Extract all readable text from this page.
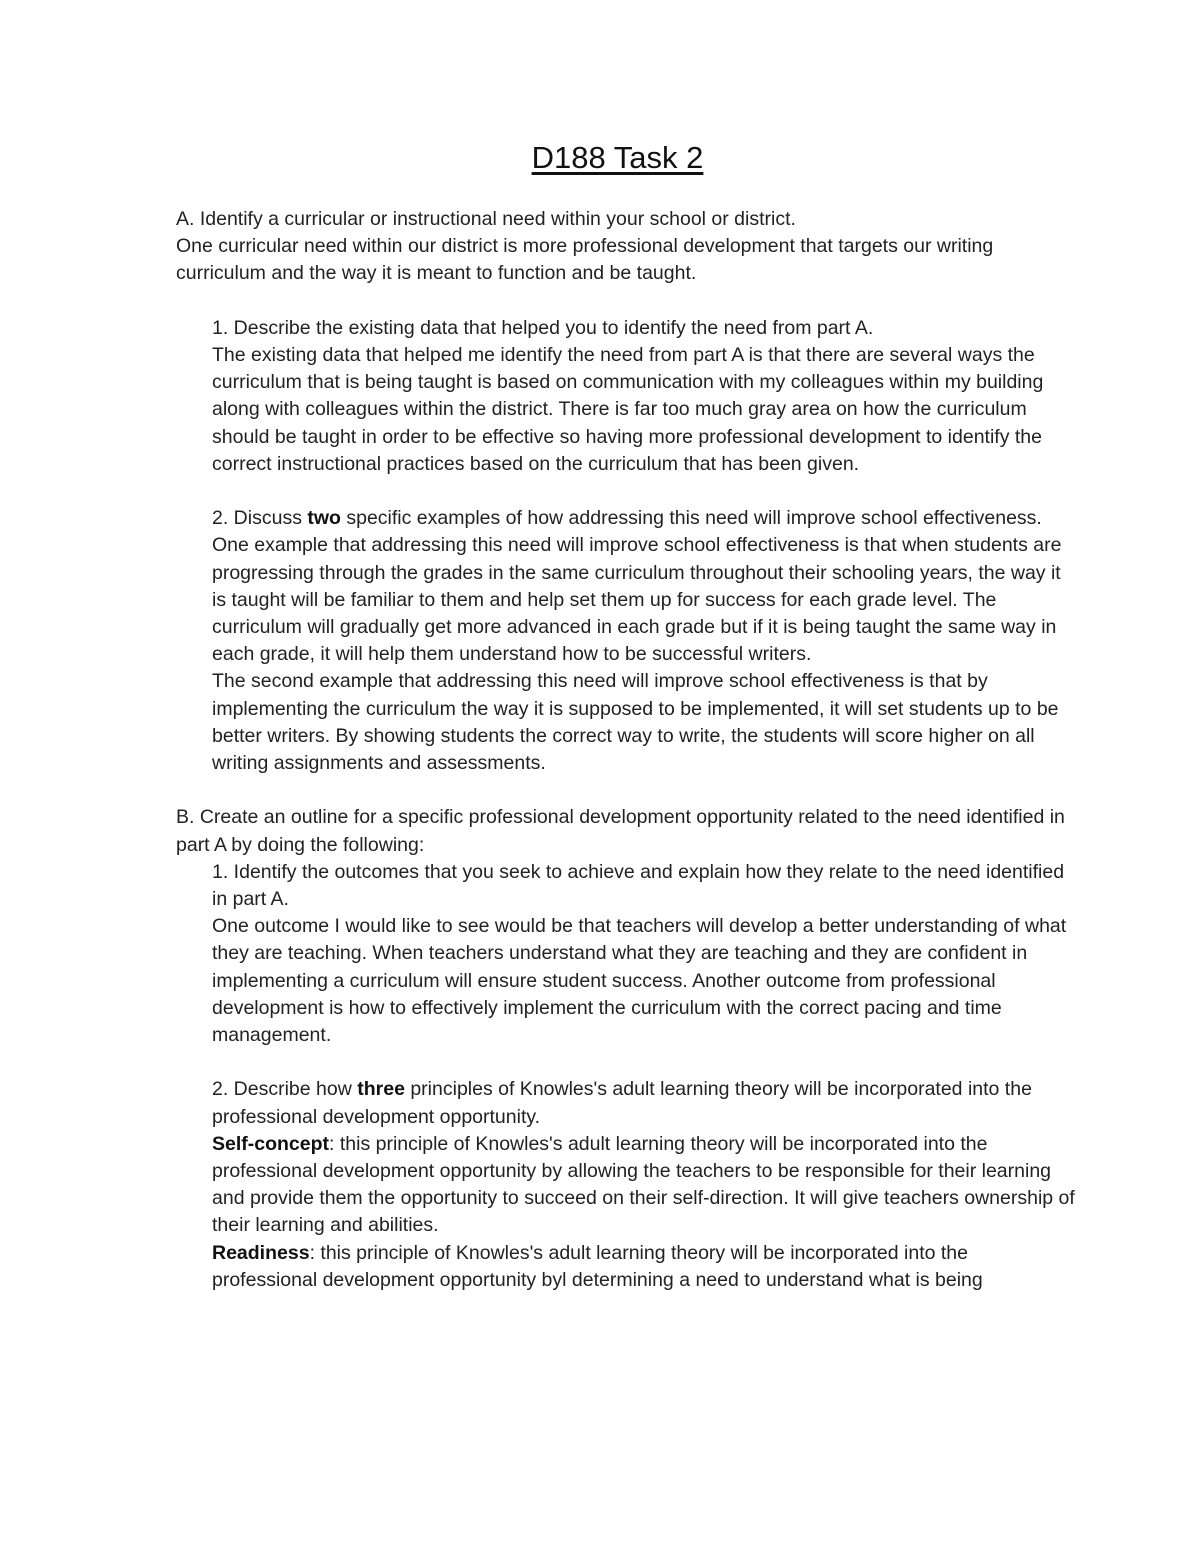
D188 Task 2

A. Identify a curricular or instructional need within your school or district.

One curricular need within our district is more professional development that targets our writing curriculum and the way it is meant to function and be taught.

1. Describe the existing data that helped you to identify the need from part A.

The existing data that helped me identify the need from part A is that there are several ways the curriculum that is being taught is based on communication with my colleagues within my building along with colleagues within the district. There is far too much gray area on how the curriculum should be taught in order to be effective so having more professional development to identify the correct instructional practices based on the curriculum that has been given.

2. Discuss two specific examples of how addressing this need will improve school effectiveness.

One example that addressing this need will improve school effectiveness is that when students are progressing through the grades in the same curriculum throughout their schooling years, the way it is taught will be familiar to them and help set them up for success for each grade level. The curriculum will gradually get more advanced in each grade but if it is being taught the same way in each grade, it will help them understand how to be successful writers.

The second example that addressing this need will improve school effectiveness is that by implementing the curriculum the way it is supposed to be implemented, it will set students up to be better writers. By showing students the correct way to write, the students will score higher on all writing assignments and assessments.

B. Create an outline for a specific professional development opportunity related to the need identified in part A by doing the following:

1. Identify the outcomes that you seek to achieve and explain how they relate to the need identified in part A.

One outcome I would like to see would be that teachers will develop a better understanding of what they are teaching. When teachers understand what they are teaching and they are confident in implementing a curriculum will ensure student success. Another outcome from professional development is how to effectively implement the curriculum with the correct pacing and time management.

2. Describe how three principles of Knowles's adult learning theory will be incorporated into the professional development opportunity.

Self-concept: this principle of Knowles's adult learning theory will be incorporated into the professional development opportunity by allowing the teachers to be responsible for their learning and provide them the opportunity to succeed on their self-direction. It will give teachers ownership of their learning and abilities.

Readiness: this principle of Knowles's adult learning theory will be incorporated into the professional development opportunity byl determining a need to understand what is being
